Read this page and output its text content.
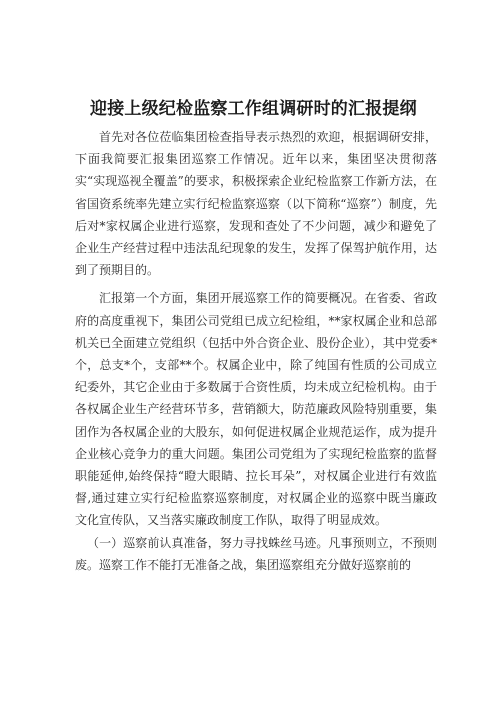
迎接上级纪检监察工作组调研时的汇报提纲

首先对各位莅临集团检查指导表示热烈的欢迎，根据调研安排，下面我简要汇报集团巡察工作情况。近年以来，集团坚决贯彻落实“实现巡视全覆盖”的要求，积极探索企业纪检监察工作新方法，在省国资系统率先建立实行纪检监察巡察（以下简称“巡察”）制度，先后对*家权属企业进行巡察，发现和查处了不少问题，减少和避免了企业生产经营过程中违法乱纪现象的发生，发挥了保驾护航作用，达到了预期目的。

汇报第一个方面，集团开展巡察工作的简要概况。在省委、省政府的高度重视下，集团公司党组已成立纪检组，**家权属企业和总部机关已全面建立党组织（包括中外合资企业、股份企业），其中党委*个，总支*个，支部**个。权属企业中，除了纯国有性质的公司成立纪委外，其它企业由于多数属于合资性质，均未成立纪检机构。由于各权属企业生产经营环节多，营销额大，防范廉政风险特别重要，集团作为各权属企业的大股东，如何促进权属企业规范运作，成为提升企业核心竞争力的重大问题。集团公司党组为了实现纪检监察的监督职能延伸,始终保持“瞪大眼睛、拉长耳朵”，对权属企业进行有效监督,通过建立实行纪检监察巡察制度，对权属企业的巡察中既当廉政文化宣传队，又当落实廉政制度工作队，取得了明显成效。

（一）巡察前认真准备，努力寻找蛛丝马迹。凡事预则立，不预则废。巡察工作不能打无准备之战，集团巡察组充分做好巡察前的
